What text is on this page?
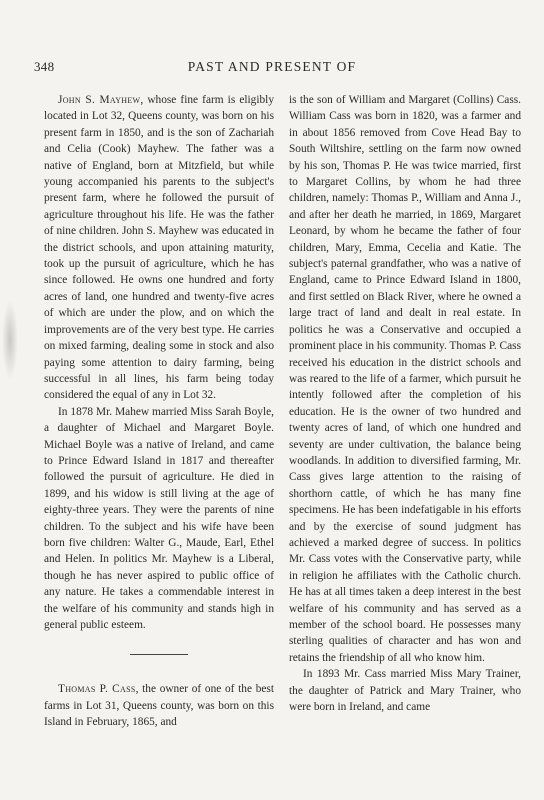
348	PAST AND PRESENT OF

John S. Mayhew, whose fine farm is eligibly located in Lot 32, Queens county, was born on his present farm in 1850, and is the son of Zachariah and Celia (Cook) Mayhew. The father was a native of England, born at Mitzfield, but while young accompanied his parents to the subject's present farm, where he followed the pursuit of agriculture throughout his life. He was the father of nine children. John S. Mayhew was educated in the district schools, and upon attaining maturity, took up the pursuit of agriculture, which he has since followed. He owns one hundred and forty acres of land, one hundred and twenty-five acres of which are under the plow, and on which the improvements are of the very best type. He carries on mixed farming, dealing some in stock and also paying some attention to dairy farming, being successful in all lines, his farm being today considered the equal of any in Lot 32.

In 1878 Mr. Mahew married Miss Sarah Boyle, a daughter of Michael and Margaret Boyle. Michael Boyle was a native of Ireland, and came to Prince Edward Island in 1817 and thereafter followed the pursuit of agriculture. He died in 1899, and his widow is still living at the age of eighty-three years. They were the parents of nine children. To the subject and his wife have been born five children: Walter G., Maude, Earl, Ethel and Helen. In politics Mr. Mayhew is a Liberal, though he has never aspired to public office of any nature. He takes a commendable interest in the welfare of his community and stands high in general public esteem.

Thomas P. Cass, the owner of one of the best farms in Lot 31, Queens county, was born on this Island in February, 1865, and

is the son of William and Margaret (Collins) Cass. William Cass was born in 1820, was a farmer and in about 1856 removed from Cove Head Bay to South Wiltshire, settling on the farm now owned by his son, Thomas P. He was twice married, first to Margaret Collins, by whom he had three children, namely: Thomas P., William and Anna J., and after her death he married, in 1869, Margaret Leonard, by whom he became the father of four children, Mary, Emma, Cecelia and Katie. The subject's paternal grandfather, who was a native of England, came to Prince Edward Island in 1800, and first settled on Black River, where he owned a large tract of land and dealt in real estate. In politics he was a Conservative and occupied a prominent place in his community. Thomas P. Cass received his education in the district schools and was reared to the life of a farmer, which pursuit he intently followed after the completion of his education. He is the owner of two hundred and twenty acres of land, of which one hundred and seventy are under cultivation, the balance being woodlands. In addition to diversified farming, Mr. Cass gives large attention to the raising of shorthorn cattle, of which he has many fine specimens. He has been indefatigable in his efforts and by the exercise of sound judgment has achieved a marked degree of success. In politics Mr. Cass votes with the Conservative party, while in religion he affiliates with the Catholic church. He has at all times taken a deep interest in the best welfare of his community and has served as a member of the school board. He possesses many sterling qualities of character and has won and retains the friendship of all who know him.

In 1893 Mr. Cass married Miss Mary Trainer, the daughter of Patrick and Mary Trainer, who were born in Ireland, and came
